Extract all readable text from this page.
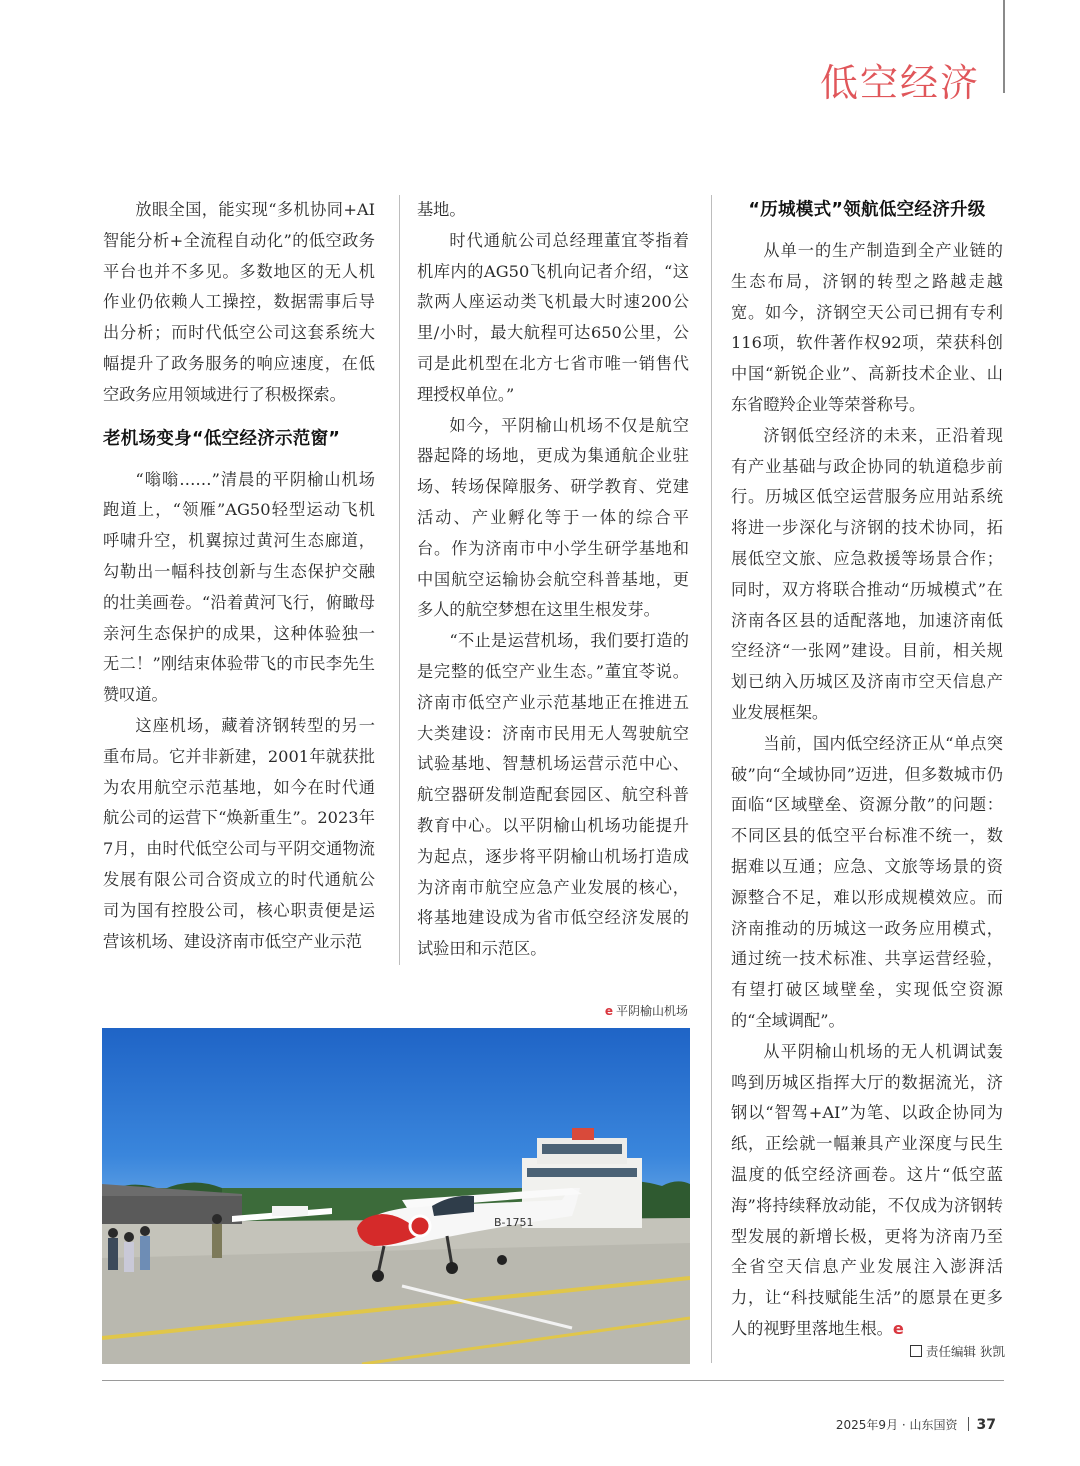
低空经济

放眼全国，能实现“多机协同+AI智能分析+全流程自动化”的低空政务平台也并不多见。多数地区的无人机作业仍依赖人工操控，数据需事后导出分析；而时代低空公司这套系统大幅提升了政务服务的响应速度，在低空政务应用领域进行了积极探索。

老机场变身“低空经济示范窗”

“嗡嗡……”清晨的平阴榆山机场跑道上，“领雁”AG50轻型运动飞机呼啸升空，机翼掠过黄河生态廊道，勾勒出一幅科技创新与生态保护交融的壮美画卷。“沿着黄河飞行，俯瞰母亲河生态保护的成果，这种体验独一无二！”刚结束体验带飞的市民李先生赞叹道。

这座机场，藏着济钢转型的另一重布局。它并非新建，2001年就获批为农用航空示范基地，如今在时代通航公司的运营下“焕新重生”。2023年7月，由时代低空公司与平阴交通物流发展有限公司合资成立的时代通航公司为国有控股公司，核心职责便是运营该机场、建设济南市低空产业示范

基地。

时代通航公司总经理董宜苓指着机库内的AG50飞机向记者介绍，“这款两人座运动类飞机最大时速200公里/小时，最大航程可达650公里，公司是此机型在北方七省市唯一销售代理授权单位。”

如今，平阴榆山机场不仅是航空器起降的场地，更成为集通航企业驻场、转场保障服务、研学教育、党建活动、产业孵化等于一体的综合平台。作为济南市中小学生研学基地和中国航空运输协会航空科普基地，更多人的航空梦想在这里生根发芽。

“不止是运营机场，我们要打造的是完整的低空产业生态。”董宜苓说。济南市低空产业示范基地正在推进五大类建设：济南市民用无人驾驶航空试验基地、智慧机场运营示范中心、航空器研发制造配套园区、航空科普教育中心。以平阴榆山机场功能提升为起点，逐步将平阴榆山机场打造成为济南市航空应急产业发展的核心，将基地建设成为省市低空经济发展的试验田和示范区。

“历城模式”领航低空经济升级

从单一的生产制造到全产业链的生态布局，济钢的转型之路越走越宽。如今，济钢空天公司已拥有专利116项，软件著作权92项，荣获科创中国“新锐企业”、高新技术企业、山东省瞪羚企业等荣誉称号。

济钢低空经济的未来，正沿着现有产业基础与政企协同的轨道稳步前行。历城区低空运营服务应用站系统将进一步深化与济钢的技术协同，拓展低空文旅、应急救援等场景合作；同时，双方将联合推动“历城模式”在济南各区县的适配落地，加速济南低空经济“一张网”建设。目前，相关规划已纳入历城区及济南市空天信息产业发展框架。

当前，国内低空经济正从“单点突破”向“全域协同”迈进，但多数城市仍面临“区域壁垒、资源分散”的问题：不同区县的低空平台标准不统一，数据难以互通；应急、文旅等场景的资源整合不足，难以形成规模效应。而济南推动的历城这一政务应用模式，通过统一技术标准、共享运营经验，有望打破区域壁垒，实现低空资源的“全域调配”。

从平阴榆山机场的无人机调试轰鸣到历城区指挥大厅的数据流光，济钢以“智驾+AI”为笔、以政企协同为纸，正绘就一幅兼具产业深度与民生温度的低空经济画卷。这片“低空蓝海”将持续释放动能，不仅成为济钢转型发展的新增长极，更将为济南乃至全省空天信息产业发展注入澎湃活力，让“科技赋能生活”的愿景在更多人的视野里落地生根。e

e 平阴榆山机场
B-1751
责任编辑 狄凯
2025年9月 · 山东国资 37
